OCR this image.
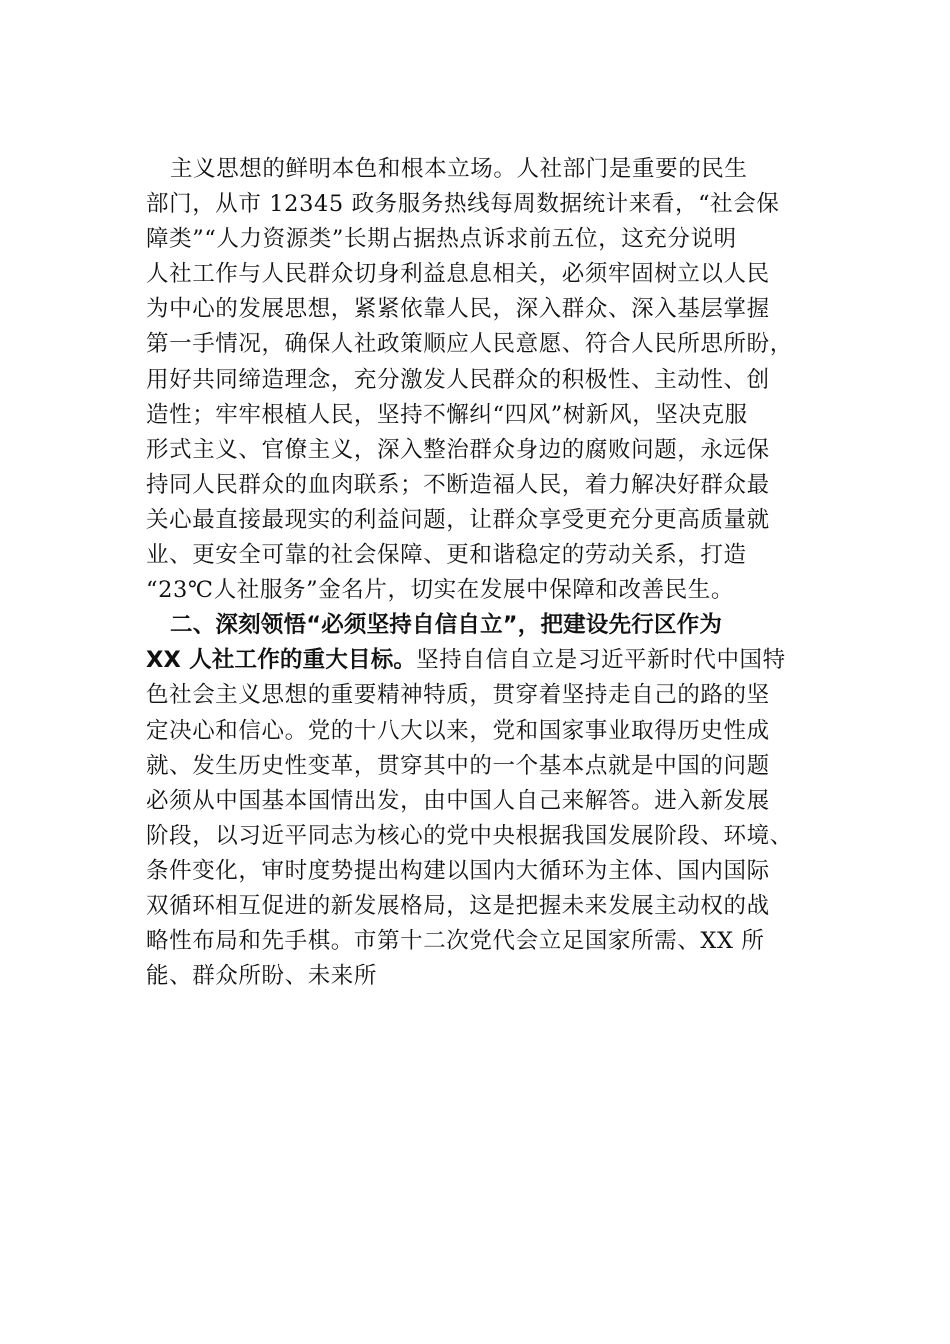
主义思想的鲜明本色和根本立场。人社部门是重要的民生
部门，从市 12345 政务服务热线每周数据统计来看，“社会保
障类”“人力资源类”长期占据热点诉求前五位，这充分说明
人社工作与人民群众切身利益息息相关，必须牢固树立以人民
为中心的发展思想，紧紧依靠人民，深入群众、深入基层掌握
第一手情况，确保人社政策顺应人民意愿、符合人民所思所盼，
用好共同缔造理念，充分激发人民群众的积极性、主动性、创
造性；牢牢根植人民，坚持不懈纠“四风”树新风，坚决克服
形式主义、官僚主义，深入整治群众身边的腐败问题，永远保
持同人民群众的血肉联系；不断造福人民，着力解决好群众最
关心最直接最现实的利益问题，让群众享受更充分更高质量就
业、更安全可靠的社会保障、更和谐稳定的劳动关系，打造
“23℃人社服务”金名片，切实在发展中保障和改善民生。
二、深刻领悟“必须坚持自信自立”，把建设先行区作为
XX 人社工作的重大目标。坚持自信自立是习近平新时代中国特
色社会主义思想的重要精神特质，贯穿着坚持走自己的路的坚
定决心和信心。党的十八大以来，党和国家事业取得历史性成
就、发生历史性变革，贯穿其中的一个基本点就是中国的问题
必须从中国基本国情出发，由中国人自己来解答。进入新发展
阶段，以习近平同志为核心的党中央根据我国发展阶段、环境、
条件变化，审时度势提出构建以国内大循环为主体、国内国际
双循环相互促进的新发展格局，这是把握未来发展主动权的战
略性布局和先手棋。市第十二次党代会立足国家所需、XX 所
能、群众所盼、未来所
